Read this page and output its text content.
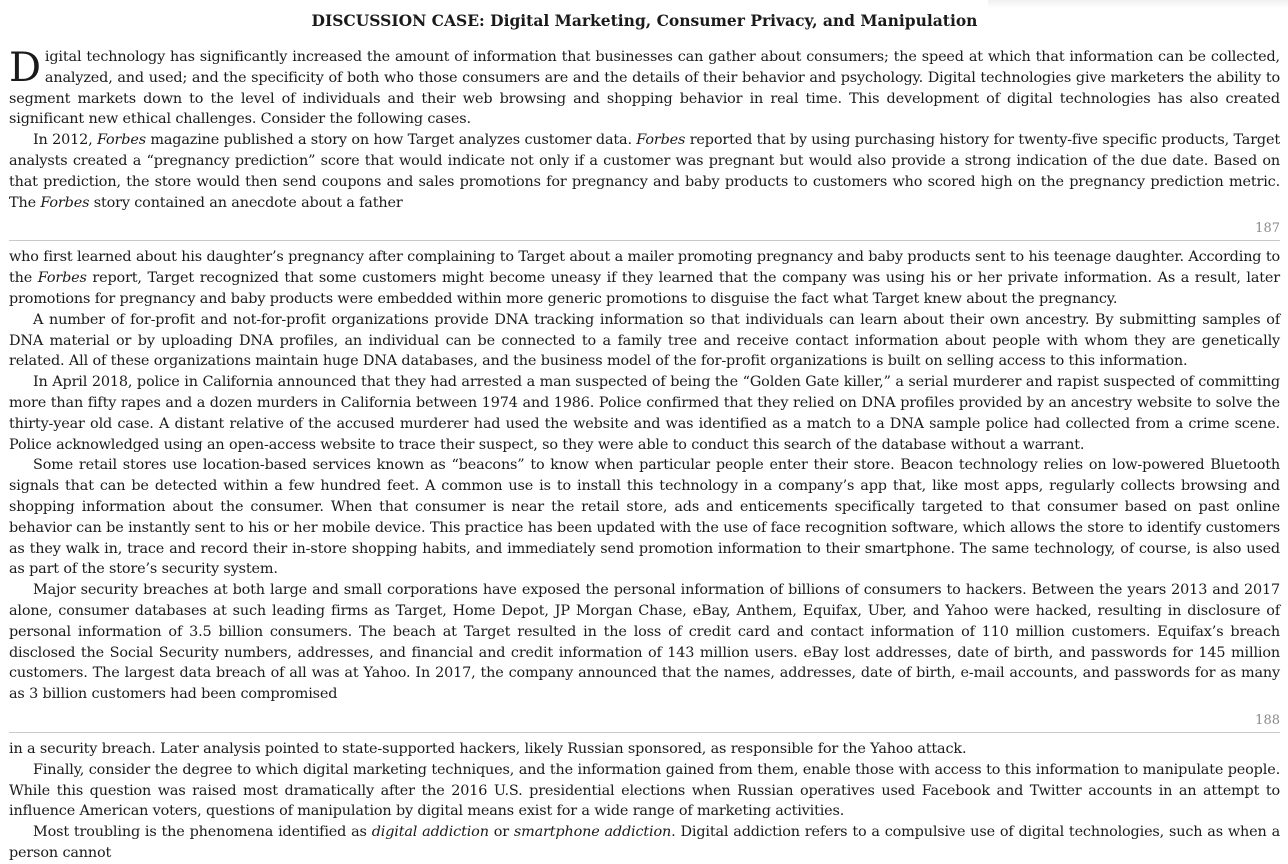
DISCUSSION CASE: Digital Marketing, Consumer Privacy, and Manipulation

Digital technology has significantly increased the amount of information that businesses can gather about consumers; the speed at which that information can be collected, analyzed, and used; and the specificity of both who those consumers are and the details of their behavior and psychology. Digital technologies give marketers the ability to segment markets down to the level of individuals and their web browsing and shopping behavior in real time. This development of digital technologies has also created significant new ethical challenges. Consider the following cases.

In 2012, Forbes magazine published a story on how Target analyzes customer data. Forbes reported that by using purchasing history for twenty-five specific products, Target analysts created a “pregnancy prediction” score that would indicate not only if a customer was pregnant but would also provide a strong indication of the due date. Based on that prediction, the store would then send coupons and sales promotions for pregnancy and baby products to customers who scored high on the pregnancy prediction metric. The Forbes story contained an anecdote about a father

187

who first learned about his daughter’s pregnancy after complaining to Target about a mailer promoting pregnancy and baby products sent to his teenage daughter. According to the Forbes report, Target recognized that some customers might become uneasy if they learned that the company was using his or her private information. As a result, later promotions for pregnancy and baby products were embedded within more generic promotions to disguise the fact what Target knew about the pregnancy.

A number of for-profit and not-for-profit organizations provide DNA tracking information so that individuals can learn about their own ancestry. By submitting samples of DNA material or by uploading DNA profiles, an individual can be connected to a family tree and receive contact information about people with whom they are genetically related. All of these organizations maintain huge DNA databases, and the business model of the for-profit organizations is built on selling access to this information.

In April 2018, police in California announced that they had arrested a man suspected of being the “Golden Gate killer,” a serial murderer and rapist suspected of committing more than fifty rapes and a dozen murders in California between 1974 and 1986. Police confirmed that they relied on DNA profiles provided by an ancestry website to solve the thirty-year old case. A distant relative of the accused murderer had used the website and was identified as a match to a DNA sample police had collected from a crime scene. Police acknowledged using an open-access website to trace their suspect, so they were able to conduct this search of the database without a warrant.

Some retail stores use location-based services known as “beacons” to know when particular people enter their store. Beacon technology relies on low-powered Bluetooth signals that can be detected within a few hundred feet. A common use is to install this technology in a company’s app that, like most apps, regularly collects browsing and shopping information about the consumer. When that consumer is near the retail store, ads and enticements specifically targeted to that consumer based on past online behavior can be instantly sent to his or her mobile device. This practice has been updated with the use of face recognition software, which allows the store to identify customers as they walk in, trace and record their in-store shopping habits, and immediately send promotion information to their smartphone. The same technology, of course, is also used as part of the store’s security system.

Major security breaches at both large and small corporations have exposed the personal information of billions of consumers to hackers. Between the years 2013 and 2017 alone, consumer databases at such leading firms as Target, Home Depot, JP Morgan Chase, eBay, Anthem, Equifax, Uber, and Yahoo were hacked, resulting in disclosure of personal information of 3.5 billion consumers. The beach at Target resulted in the loss of credit card and contact information of 110 million customers. Equifax’s breach disclosed the Social Security numbers, addresses, and financial and credit information of 143 million users. eBay lost addresses, date of birth, and passwords for 145 million customers. The largest data breach of all was at Yahoo. In 2017, the company announced that the names, addresses, date of birth, e-mail accounts, and passwords for as many as 3 billion customers had been compromised

188

in a security breach. Later analysis pointed to state-supported hackers, likely Russian sponsored, as responsible for the Yahoo attack.

Finally, consider the degree to which digital marketing techniques, and the information gained from them, enable those with access to this information to manipulate people. While this question was raised most dramatically after the 2016 U.S. presidential elections when Russian operatives used Facebook and Twitter accounts in an attempt to influence American voters, questions of manipulation by digital means exist for a wide range of marketing activities.

Most troubling is the phenomena identified as digital addiction or smartphone addiction. Digital addiction refers to a compulsive use of digital technologies, such as when a person cannot
